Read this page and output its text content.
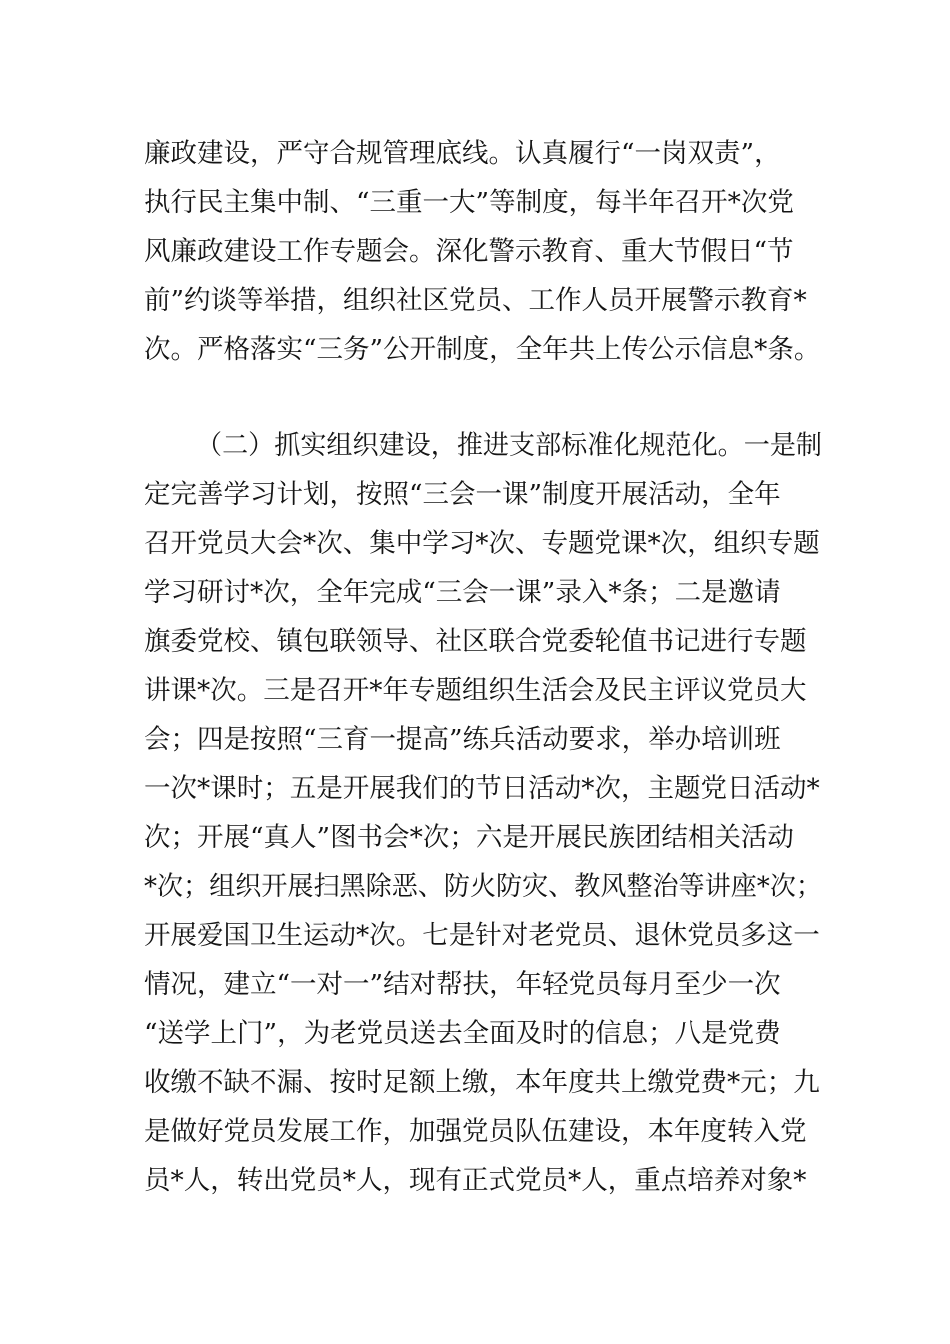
廉政建设，严守合规管理底线。认真履行“一岗双责”，
执行民主集中制、“三重一大”等制度，每半年召开*次党
风廉政建设工作专题会。深化警示教育、重大节假日“节
前”约谈等举措，组织社区党员、工作人员开展警示教育*
次。严格落实“三务”公开制度，全年共上传公示信息*条。
（二）抓实组织建设，推进支部标准化规范化。一是制
定完善学习计划，按照“三会一课”制度开展活动，全年
召开党员大会*次、集中学习*次、专题党课*次，组织专题
学习研讨*次，全年完成“三会一课”录入*条；二是邀请
旗委党校、镇包联领导、社区联合党委轮值书记进行专题
讲课*次。三是召开*年专题组织生活会及民主评议党员大
会；四是按照“三育一提高”练兵活动要求，举办培训班
一次*课时；五是开展我们的节日活动*次，主题党日活动*
次；开展“真人”图书会*次；六是开展民族团结相关活动
*次；组织开展扫黑除恶、防火防灾、教风整治等讲座*次；
开展爱国卫生运动*次。七是针对老党员、退休党员多这一
情况，建立“一对一”结对帮扶，年轻党员每月至少一次
“送学上门”，为老党员送去全面及时的信息；八是党费
收缴不缺不漏、按时足额上缴，本年度共上缴党费*元；九
是做好党员发展工作，加强党员队伍建设，本年度转入党
员*人，转出党员*人，现有正式党员*人，重点培养对象*
